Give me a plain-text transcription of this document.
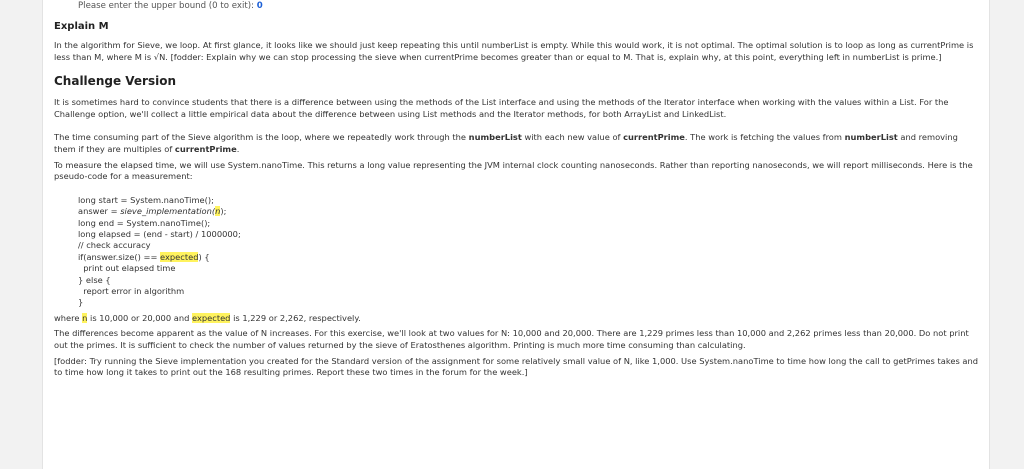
Please enter the upper bound (0 to exit): 0

Explain M

In the algorithm for Sieve, we loop. At first glance, it looks like we should just keep repeating this until numberList is empty. While this would work, it is not optimal. The optimal solution is to loop as long as currentPrime is less than M, where M is √N. [fodder: Explain why we can stop processing the sieve when currentPrime becomes greater than or equal to M. That is, explain why, at this point, everything left in numberList is prime.]

Challenge Version

It is sometimes hard to convince students that there is a difference between using the methods of the List interface and using the methods of the Iterator interface when working with the values within a List. For the Challenge option, we'll collect a little empirical data about the difference between using List methods and the Iterator methods, for both ArrayList and LinkedList.

The time consuming part of the Sieve algorithm is the loop, where we repeatedly work through the numberList with each new value of currentPrime. The work is fetching the values from numberList and removing them if they are multiples of currentPrime.

To measure the elapsed time, we will use System.nanoTime. This returns a long value representing the JVM internal clock counting nanoseconds. Rather than reporting nanoseconds, we will report milliseconds. Here is the pseudo-code for a measurement:

long start = System.nanoTime();
answer = sieve_implementation(n);
long end = System.nanoTime();
long elapsed = (end - start) / 1000000;
// check accuracy
if(answer.size() == expected) {
print out elapsed time
} else {
report error in algorithm
}

where n is 10,000 or 20,000 and expected is 1,229 or 2,262, respectively.

The differences become apparent as the value of N increases. For this exercise, we'll look at two values for N: 10,000 and 20,000. There are 1,229 primes less than 10,000 and 2,262 primes less than 20,000. Do not print out the primes. It is sufficient to check the number of values returned by the sieve of Eratosthenes algorithm. Printing is much more time consuming than calculating.

[fodder: Try running the Sieve implementation you created for the Standard version of the assignment for some relatively small value of N, like 1,000. Use System.nanoTime to time how long the call to getPrimes takes and to time how long it takes to print out the 168 resulting primes. Report these two times in the forum for the week.]
